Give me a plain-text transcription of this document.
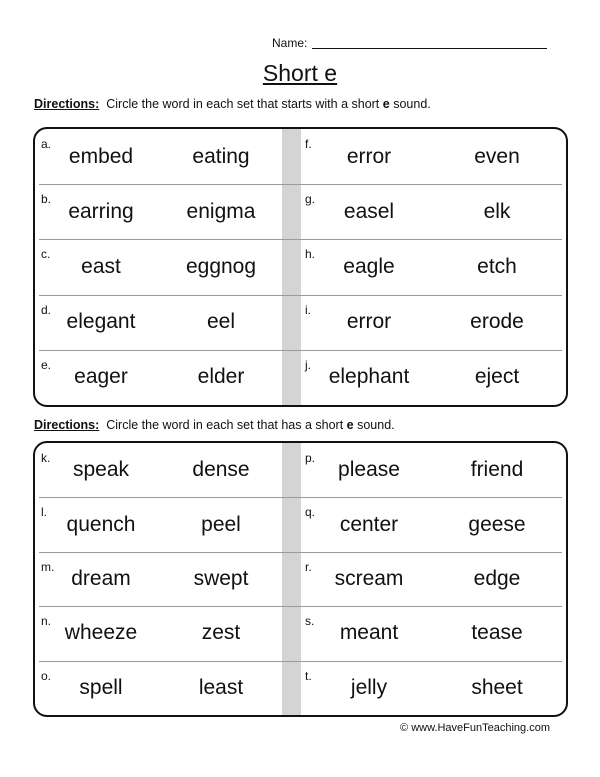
Name:
Short e
Directions: Circle the word in each set that starts with a short e sound.
a.
embed	eating
f.
error	even
b.
earring	enigma
g.
easel	elk
c.
east	eggnog
h.
eagle	etch
d.
elegant	eel
i.
error	erode
e.
eager	elder
j.
elephant	eject
Directions: Circle the word in each set that has a short e sound.
k.
speak	dense
p.
please	friend
l.
quench	peel
q.
center	geese
m.
dream	swept
r.
scream	edge
n.
wheeze	zest
s.
meant	tease
o.
spell	least
t.
jelly	sheet
© www.HaveFunTeaching.com
